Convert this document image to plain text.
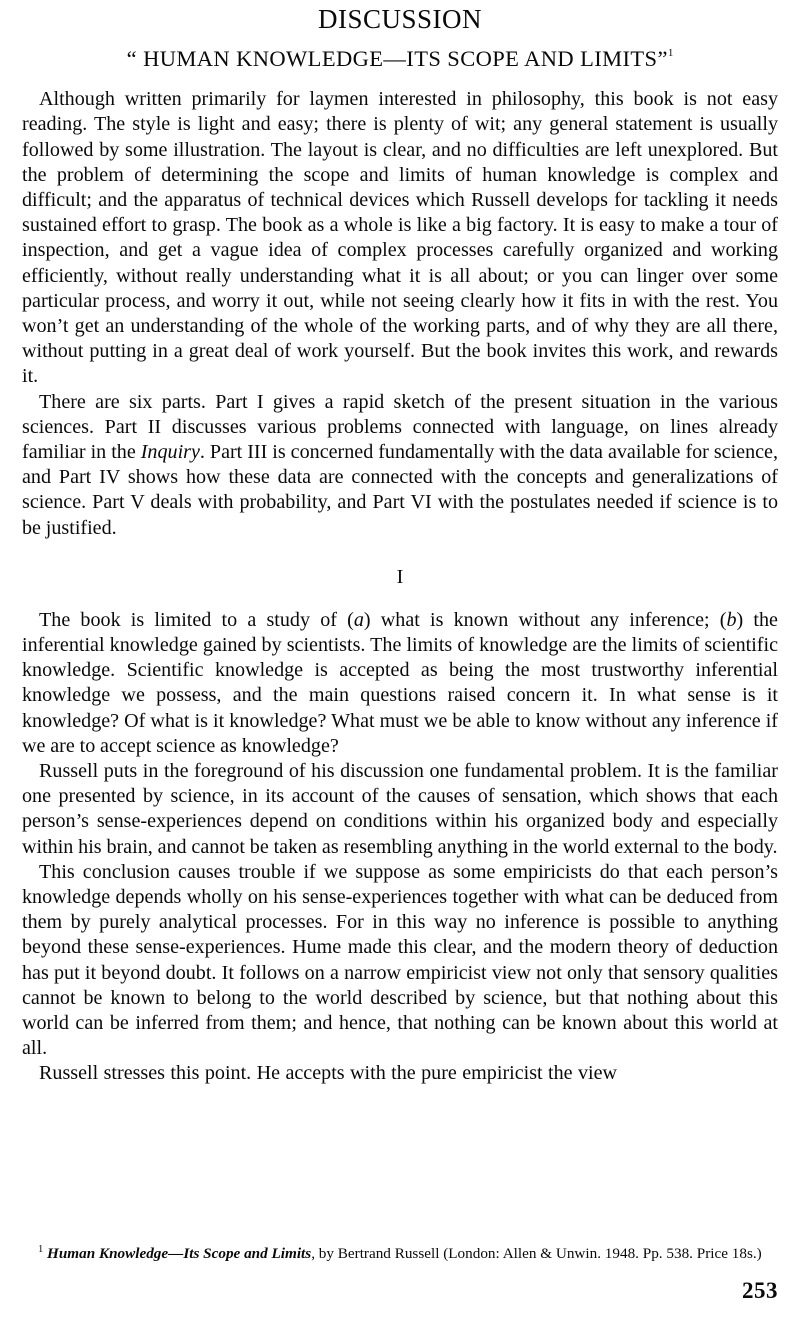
DISCUSSION
“ HUMAN KNOWLEDGE—ITS SCOPE AND LIMITS”$^1$

Although written primarily for laymen interested in philosophy, this book is not easy reading. The style is light and easy; there is plenty of wit; any general statement is usually followed by some illustration. The layout is clear, and no difficulties are left unexplored. But the problem of determining the scope and limits of human knowledge is complex and difficult; and the apparatus of technical devices which Russell develops for tackling it needs sustained effort to grasp. The book as a whole is like a big factory. It is easy to make a tour of inspection, and get a vague idea of complex processes carefully organized and working efficiently, without really understanding what it is all about; or you can linger over some particular process, and worry it out, while not seeing clearly how it fits in with the rest. You won’t get an understanding of the whole of the working parts, and of why they are all there, without putting in a great deal of work yourself. But the book invites this work, and rewards it.

There are six parts. Part I gives a rapid sketch of the present situation in the various sciences. Part II discusses various problems connected with language, on lines already familiar in the Inquiry. Part III is concerned fundamentally with the data available for science, and Part IV shows how these data are connected with the concepts and generalizations of science. Part V deals with probability, and Part VI with the postulates needed if science is to be justified.

I

The book is limited to a study of (a) what is known without any inference; (b) the inferential knowledge gained by scientists. The limits of knowledge are the limits of scientific knowledge. Scientific knowledge is accepted as being the most trustworthy inferential knowledge we possess, and the main questions raised concern it. In what sense is it knowledge? Of what is it knowledge? What must we be able to know without any inference if we are to accept science as knowledge?

Russell puts in the foreground of his discussion one fundamental problem. It is the familiar one presented by science, in its account of the causes of sensation, which shows that each person’s sense-experiences depend on conditions within his organized body and especially within his brain, and cannot be taken as resembling anything in the world external to the body.

This conclusion causes trouble if we suppose as some empiricists do that each person’s knowledge depends wholly on his sense-experiences together with what can be deduced from them by purely analytical processes. For in this way no inference is possible to anything beyond these sense-experiences. Hume made this clear, and the modern theory of deduction has put it beyond doubt. It follows on a narrow empiricist view not only that sensory qualities cannot be known to belong to the world described by science, but that nothing about this world can be inferred from them; and hence, that nothing can be known about this world at all.

Russell stresses this point. He accepts with the pure empiricist the view

$^1$ Human Knowledge—Its Scope and Limits, by Bertrand Russell (London: Allen & Unwin. 1948. Pp. 538. Price 18s.)
253
